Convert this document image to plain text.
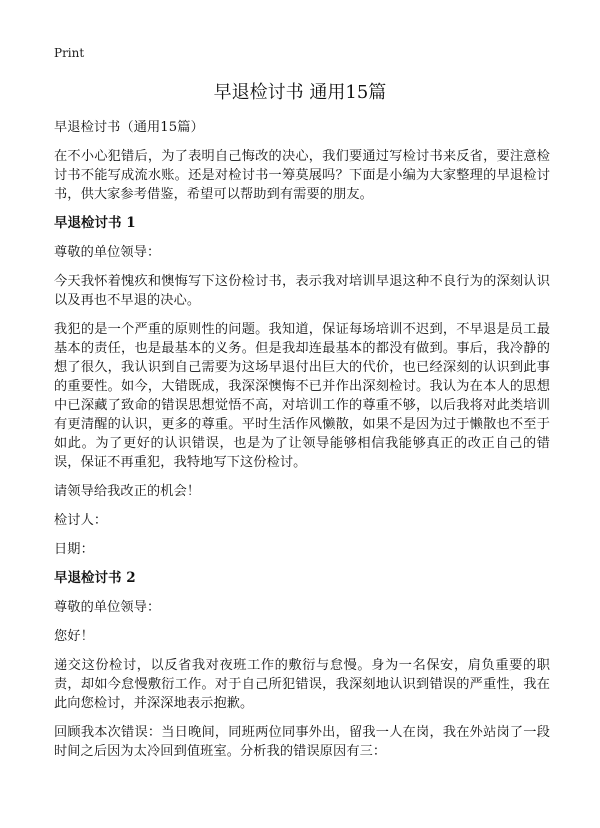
Print
早退检讨书 通用15篇

早退检讨书（通用15篇）

在不小心犯错后，为了表明自己悔改的决心，我们要通过写检讨书来反省，要注意检讨书不能写成流水账。还是对检讨书一筹莫展吗？下面是小编为大家整理的早退检讨书，供大家参考借鉴，希望可以帮助到有需要的朋友。

早退检讨书 1

尊敬的单位领导：

今天我怀着愧疚和懊悔写下这份检讨书，表示我对培训早退这种不良行为的深刻认识以及再也不早退的决心。

我犯的是一个严重的原则性的问题。我知道，保证每场培训不迟到，不早退是员工最基本的责任，也是最基本的义务。但是我却连最基本的都没有做到。事后，我冷静的想了很久，我认识到自己需要为这场早退付出巨大的代价，也已经深刻的认识到此事的重要性。如今，大错既成，我深深懊悔不已并作出深刻检讨。我认为在本人的思想中已深藏了致命的错误思想觉悟不高，对培训工作的尊重不够，以后我将对此类培训有更清醒的认识，更多的尊重。平时生活作风懒散，如果不是因为过于懒散也不至于如此。为了更好的认识错误，也是为了让领导能够相信我能够真正的改正自己的错误，保证不再重犯，我特地写下这份检讨。

请领导给我改正的机会！

检讨人：

日期：

早退检讨书 2

尊敬的单位领导：

您好！

递交这份检讨，以反省我对夜班工作的敷衍与怠慢。身为一名保安，肩负重要的职责，却如今怠慢敷衍工作。对于自己所犯错误，我深刻地认识到错误的严重性，我在此向您检讨，并深深地表示抱歉。

回顾我本次错误：当日晚间，同班两位同事外出，留我一人在岗，我在外站岗了一段时间之后因为太冷回到值班室。分析我的错误原因有三：
